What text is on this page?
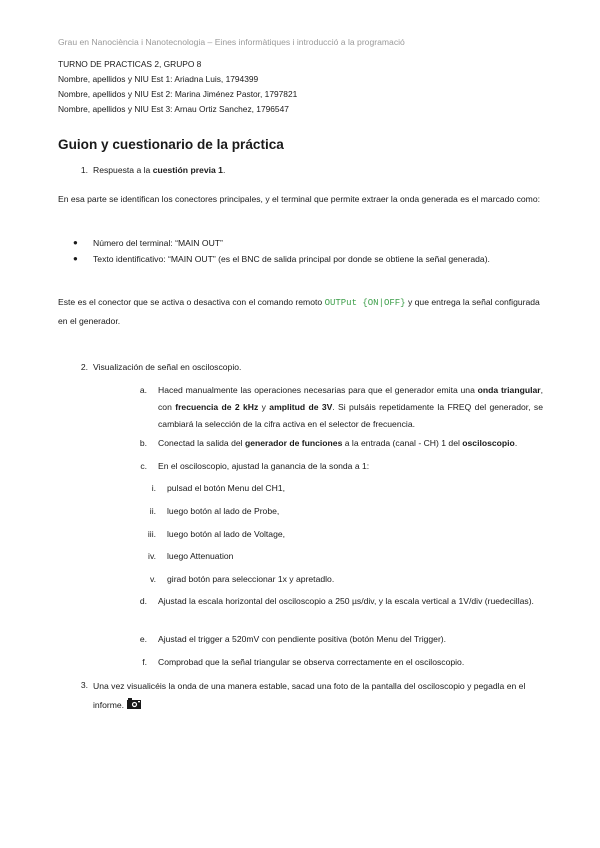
Grau en Nanociència i Nanotecnologia – Eines informàtiques i introducció a la programació
TURNO DE PRACTICAS 2, GRUPO 8
Nombre, apellidos y NIU Est 1: Ariadna Luis, 1794399
Nombre, apellidos y NIU Est 2: Marina Jiménez Pastor, 1797821
Nombre, apellidos y NIU Est 3: Arnau Ortiz Sanchez, 1796547
Guion y cuestionario de la práctica
1. Respuesta a la cuestión previa 1.
En esa parte se identifican los conectores principales, y el terminal que permite extraer la onda generada es el marcado como:
● Número del terminal: “MAIN OUT”
● Texto identificativo: “MAIN OUT” (es el BNC de salida principal por donde se obtiene la señal generada).
Este es el conector que se activa o desactiva con el comando remoto OUTPut {ON|OFF} y que entrega la señal configurada en el generador.
2. Visualización de señal en osciloscopio.
a. Haced manualmente las operaciones necesarias para que el generador emita una onda triangular, con frecuencia de 2 kHz y amplitud de 3V. Si pulsáis repetidamente la FREQ del generador, se cambiará la selección de la cifra activa en el selector de frecuencia.
b. Conectad la salida del generador de funciones a la entrada (canal - CH) 1 del osciloscopio.
c. En el osciloscopio, ajustad la ganancia de la sonda a 1:
i. pulsad el botón Menu del CH1,
ii. luego botón al lado de Probe,
iii. luego botón al lado de Voltage,
iv. luego Attenuation
v. girad botón para seleccionar 1x y apretadlo.
d. Ajustad la escala horizontal del osciloscopio a 250 µs/div, y la escala vertical a 1V/div (ruedecillas).
e. Ajustad el trigger a 520mV con pendiente positiva (botón Menu del Trigger).
f. Comprobad que la señal triangular se observa correctamente en el osciloscopio.
3. Una vez visualicéis la onda de una manera estable, sacad una foto de la pantalla del osciloscopio y pegadla en el informe.
